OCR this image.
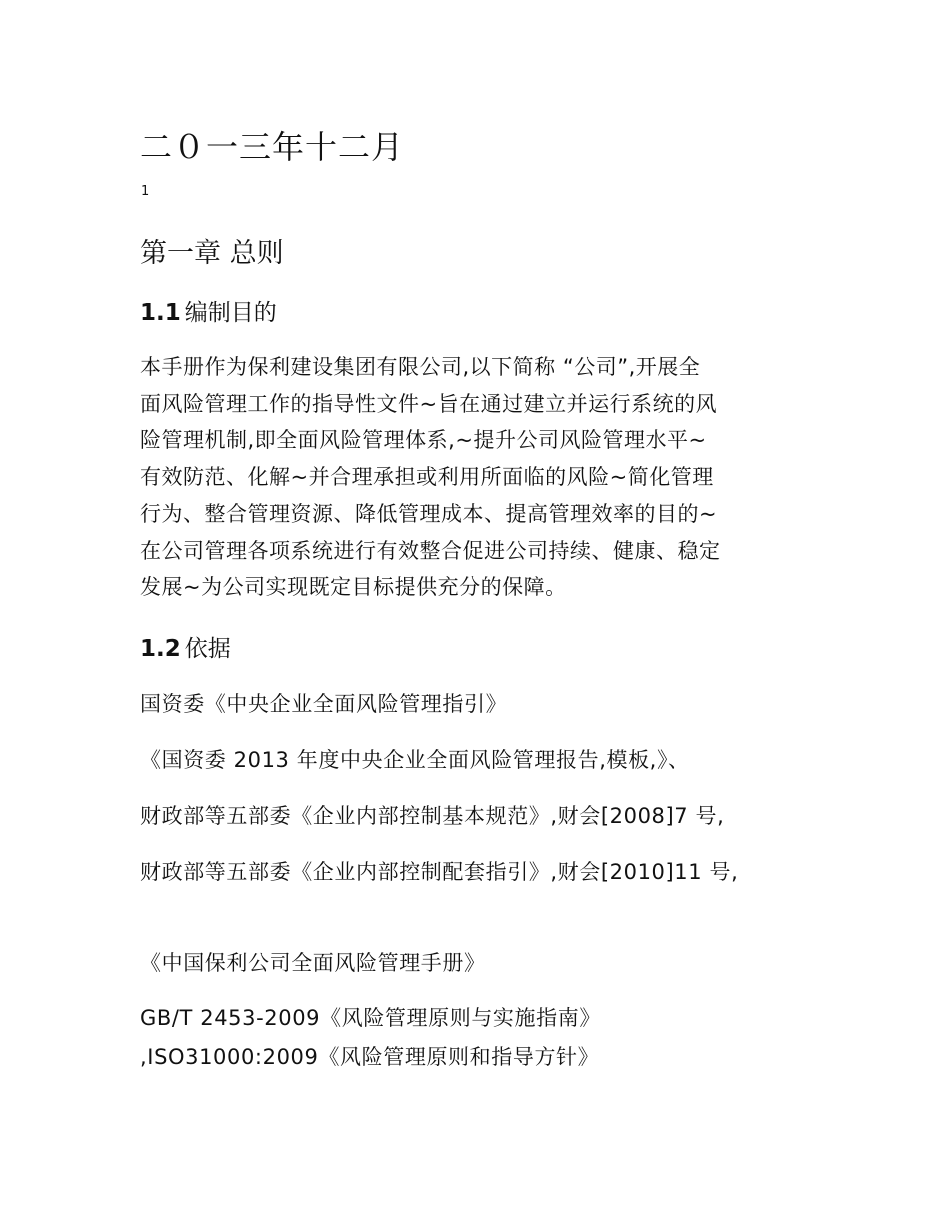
二０一三年十二月
1
第一章 总则
1.1 编制目的

本手册作为保利建设集团有限公司,以下简称 “公司”,开展全
面风险管理工作的指导性文件~旨在通过建立并运行系统的风
险管理机制,即全面风险管理体系,~提升公司风险管理水平~
有效防范、化解~并合理承担或利用所面临的风险~简化管理
行为、整合管理资源、降低管理成本、提高管理效率的目的~
在公司管理各项系统进行有效整合促进公司持续、健康、稳定
发展~为公司实现既定目标提供充分的保障。

1.2 依据

国资委《中央企业全面风险管理指引》

《国资委 2013 年度中央企业全面风险管理报告,模板,》、

财政部等五部委《企业内部控制基本规范》,财会[2008]7 号,

财政部等五部委《企业内部控制配套指引》,财会[2010]11 号,

《中国保利公司全面风险管理手册》

GB/T 2453-2009《风险管理原则与实施指南》

,ISO31000:2009《风险管理原则和指导方针》
